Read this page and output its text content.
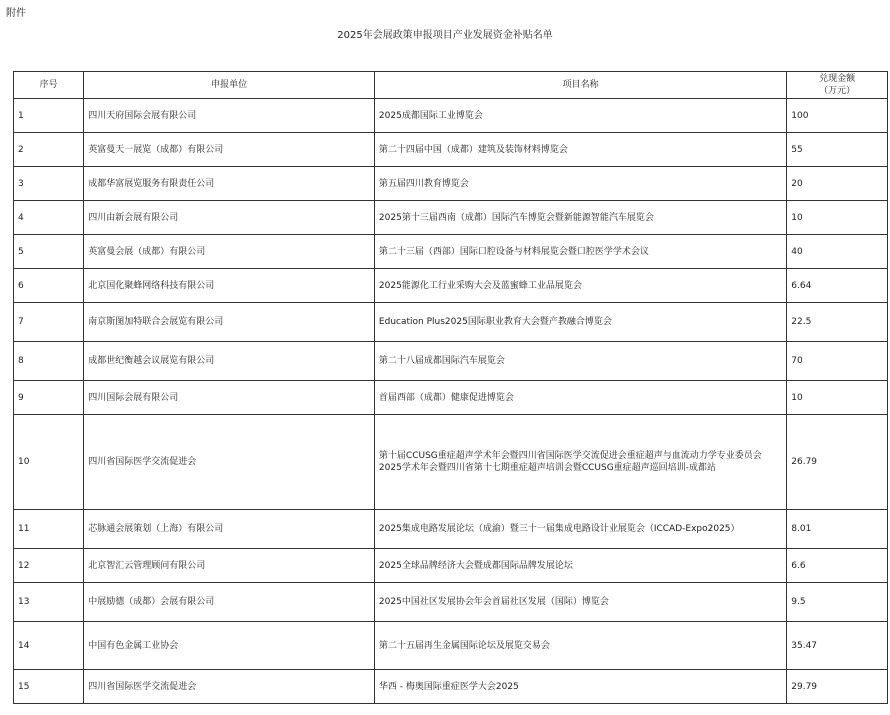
附件
2025年会展政策申报项目产业发展资金补贴名单
序号	申报单位	项目名称	兑现金额
（万元）

1	四川天府国际会展有限公司	2025成都国际工业博览会	100
2	英富曼天一展览（成都）有限公司	第二十四届中国（成都）建筑及装饰材料博览会	55
3	成都华富展览服务有限责任公司	第五届四川教育博览会	20
4	四川由新会展有限公司	2025第十三届西南（成都）国际汽车博览会暨新能源智能汽车展览会	10
5	英富曼会展（成都）有限公司	第二十三届（西部）国际口腔设备与材料展览会暨口腔医学学术会议	40
6	北京国化聚蜂网络科技有限公司	2025能源化工行业采购大会及蓝蜜蜂工业品展览会	6.64
7	南京斯图加特联合会展览有限公司	Education Plus2025国际职业教育大会暨产教融合博览会	22.5
8	成都世纪衡越会议展览有限公司	第二十八届成都国际汽车展览会	70
9	四川国际会展有限公司	首届西部（成都）健康促进博览会	10
10	四川省国际医学交流促进会	第十届CCUSG重症超声学术年会暨四川省国际医学交流促进会重症超声与血流动力学专业委员会2025学术年会暨四川省第十七期重症超声培训会暨CCUSG重症超声巡回培训-成都站	26.79
11	芯脉通会展策划（上海）有限公司	2025集成电路发展论坛（成渝）暨三十一届集成电路设计业展览会（ICCAD-Expo2025）	8.01
12	北京智汇云管理顾问有限公司	2025全球品牌经济大会暨成都国际品牌发展论坛	6.6
13	中展励德（成都）会展有限公司	2025中国社区发展协会年会首届社区发展（国际）博览会	9.5
14	中国有色金属工业协会	第二十五届再生金属国际论坛及展览交易会	35.47
15	四川省国际医学交流促进会	华西 - 梅奥国际重症医学大会2025	29.79
